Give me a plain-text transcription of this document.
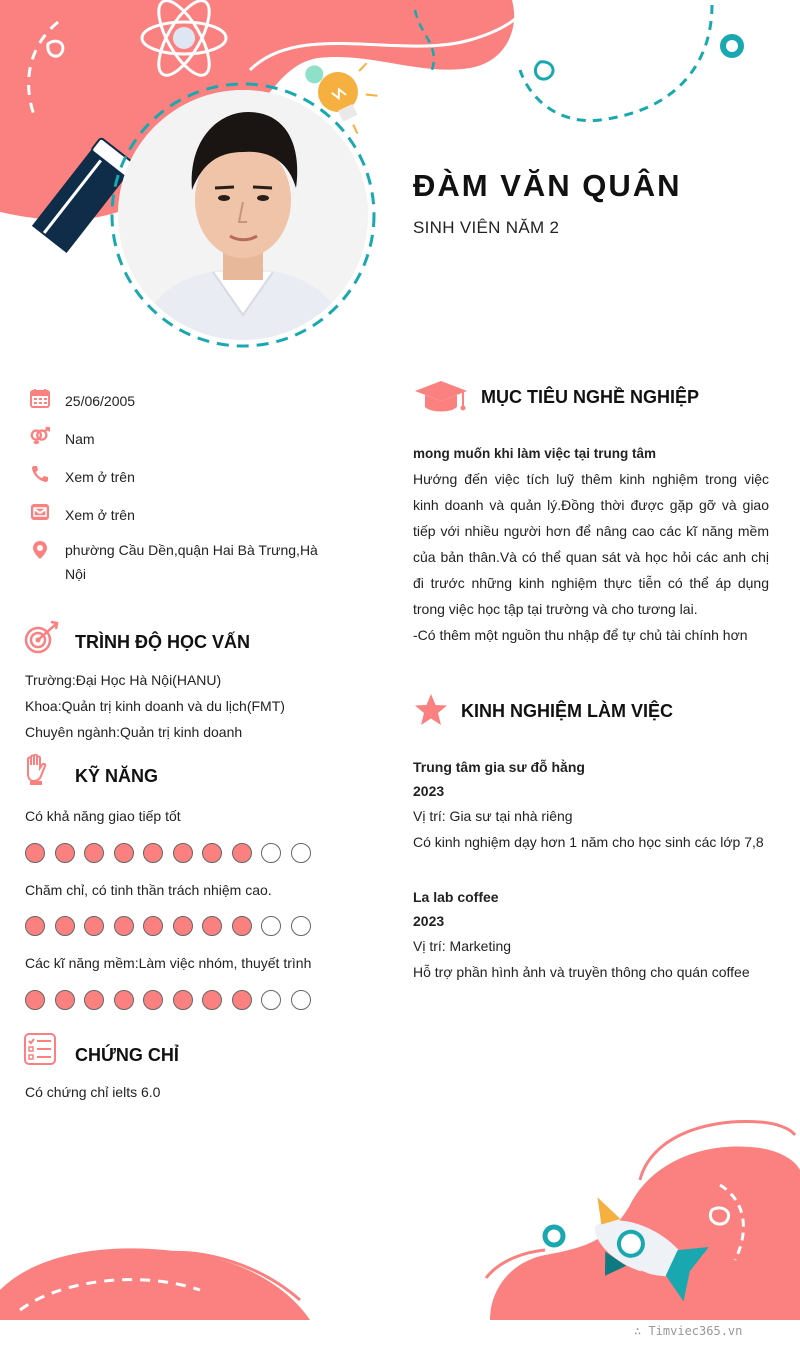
ĐÀM VĂN QUÂN
SINH VIÊN NĂM 2
25/06/2005
Nam
Xem ở trên
Xem ở trên
phường Cầu Dền,quận Hai Bà Trưng,Hà Nội
TRÌNH ĐỘ HỌC VẤN
Trường:Đại Học Hà Nội(HANU)
Khoa:Quản trị kinh doanh và du lịch(FMT)
Chuyên ngành:Quản trị kinh doanh
KỸ NĂNG
Có khả năng giao tiếp tốt
Chăm chỉ, có tinh thần trách nhiệm cao.
Các kĩ năng mềm:Làm việc nhóm, thuyết trình
CHỨNG CHỈ
Có chứng chỉ ielts 6.0
MỤC TIÊU NGHỀ NGHIỆP
mong muốn khi làm việc tại trung tâm
Hướng đến việc tích luỹ thêm kinh nghiệm trong việc kinh doanh và quản lý.Đồng thời được gặp gỡ và giao tiếp với nhiều người hơn để nâng cao các kĩ năng mềm của bản thân.Và có thể quan sát và học hỏi các anh chị đi trước những kinh nghiệm thực tiễn có thể áp dụng trong việc học tập tại trường và cho tương lai.
-Có thêm một nguồn thu nhập để tự chủ tài chính hơn
KINH NGHIỆM LÀM VIỆC
Trung tâm gia sư đỗ hằng
2023
Vị trí: Gia sư tại nhà riêng
Có kinh nghiệm dạy hơn 1 năm cho học sinh các lớp 7,8
La lab coffee
2023
Vị trí: Marketing
Hỗ trợ phần hình ảnh và truyền thông cho quán coffee
∴ Timviec365.vn
